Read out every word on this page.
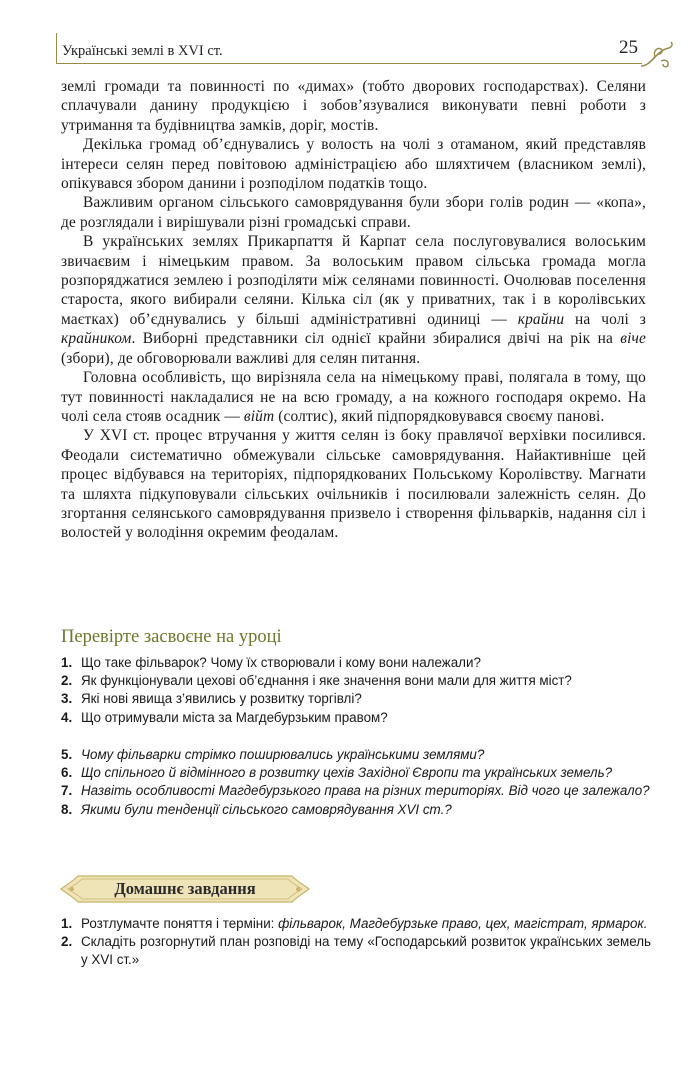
Українські землі в XVI ст.	25

землі громади та повинності по «димах» (тобто дворових господарствах). Селяни сплачували данину продукцією і зобов’язувалися виконувати певні роботи з утримання та будівництва замків, доріг, мостів.

Декілька громад об’єднувались у волость на чолі з отаманом, який представляв інтереси селян перед повітовою адміністрацією або шляхтичем (власником землі), опікувався збором данини і розподілом податків тощо.

Важливим органом сільського самоврядування були збори голів родин — «копа», де розглядали і вирішували різні громадські справи.

В українських землях Прикарпаття й Карпат села послуговувалися волоським звичаєвим і німецьким правом. За волоським правом сільська громада могла розпоряджатися землею і розподіляти між селянами повинності. Очолював поселення староста, якого вибирали селяни. Кілька сіл (як у приватних, так і в королівських маєтках) об’єднувались у більші адміністративні одиниці — крайни на чолі з крайником. Виборні представники сіл однієї крайни збиралися двічі на рік на віче (збори), де обговорювали важливі для селян питання.

Головна особливість, що вирізняла села на німецькому праві, полягала в тому, що тут повинності накладалися не на всю громаду, а на кожного господаря окремо. На чолі села стояв осадник — війт (солтис), який підпорядковувався своєму панові.

У XVI ст. процес втручання у життя селян із боку правлячої верхівки посилився. Феодали систематично обмежували сільське самоврядування. Найактивніше цей процес відбувався на територіях, підпорядкованих Польському Королівству. Магнати та шляхта підкуповували сільських очільників і посилювали залежність селян. До згортання селянського самоврядування призвело і створення фільварків, надання сіл і волостей у володіння окремим феодалам.

Перевірте засвоєне на уроці
1. Що таке фільварок? Чому їх створювали і кому вони належали?
2. Як функціонували цехові об’єднання і яке значення вони мали для життя міст?
3. Які нові явища з’явились у розвитку торгівлі?
4. Що отримували міста за Магдебурзьким правом?
5. Чому фільварки стрімко поширювались українськими землями?
6. Що спільного й відмінного в розвитку цехів Західної Європи та українських земель?
7. Назвіть особливості Магдебурзького права на різних територіях. Від чого це залежало?
8. Якими були тенденції сільського самоврядування XVI ст.?
Домашнє завдання
1. Розтлумачте поняття і терміни: фільварок, Магдебурзьке право, цех, магістрат, ярмарок.
2. Складіть розгорнутий план розповіді на тему «Господарський розвиток українських земель у XVI ст.»
